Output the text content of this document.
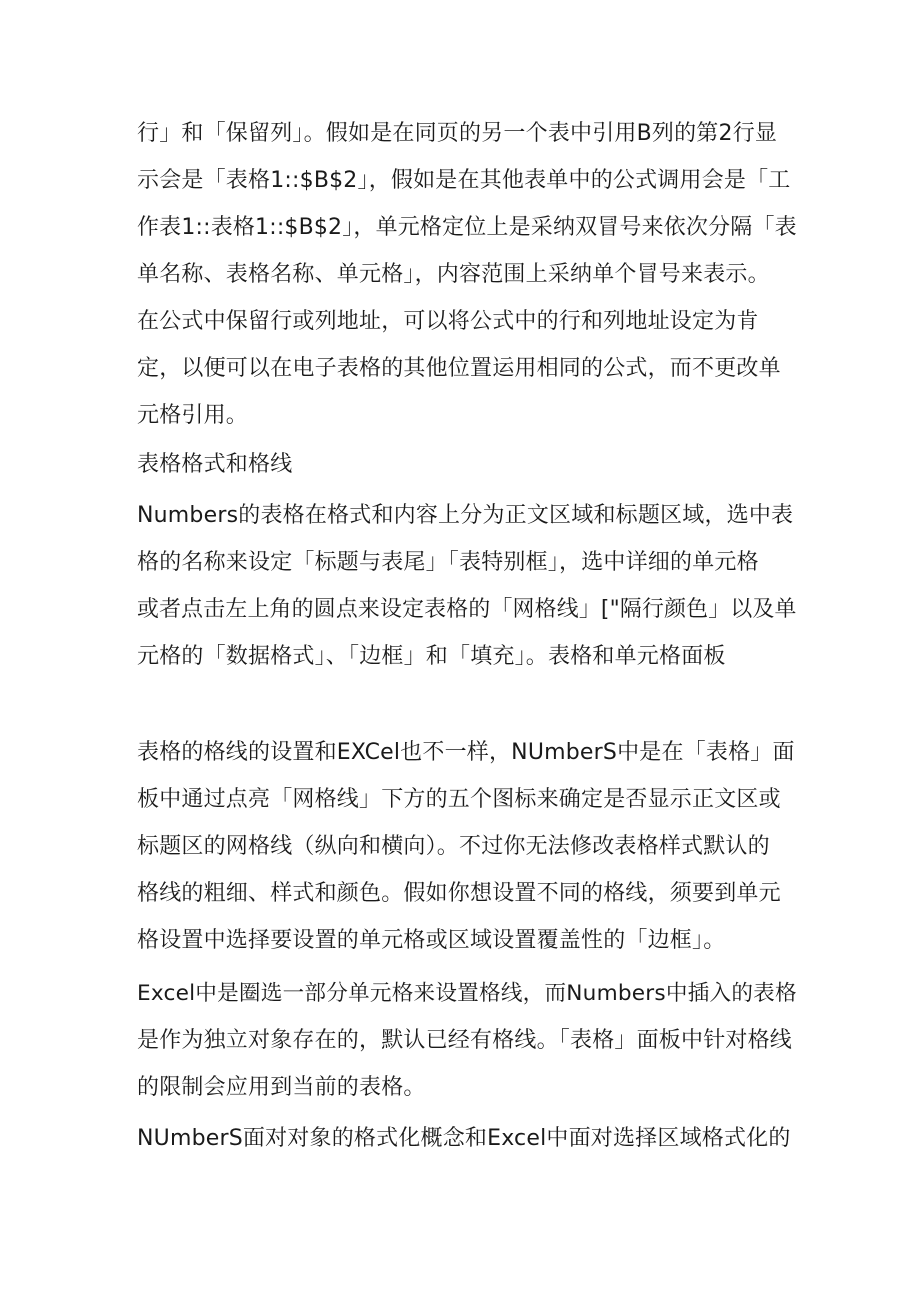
行」和「保留列」。假如是在同页的另一个表中引用B列的第2行显
示会是「表格1::$B$2」，假如是在其他表单中的公式调用会是「工
作表1::表格1::$B$2」，单元格定位上是采纳双冒号来依次分隔「表
单名称、表格名称、单元格」，内容范围上采纳单个冒号来表示。
在公式中保留行或列地址，可以将公式中的行和列地址设定为肯
定，以便可以在电子表格的其他位置运用相同的公式，而不更改单
元格引用。
表格格式和格线
Numbers的表格在格式和内容上分为正文区域和标题区域，选中表
格的名称来设定「标题与表尾」「表特别框」，选中详细的单元格
或者点击左上角的圆点来设定表格的「网格线」["隔行颜色」以及单
元格的「数据格式」、「边框」和「填充」。表格和单元格面板
表格的格线的设置和EXCel也不一样，NUmberS中是在「表格」面
板中通过点亮「网格线」下方的五个图标来确定是否显示正文区或
标题区的网格线（纵向和横向）。不过你无法修改表格样式默认的
格线的粗细、样式和颜色。假如你想设置不同的格线，须要到单元
格设置中选择要设置的单元格或区域设置覆盖性的「边框」。
Excel中是圈选一部分单元格来设置格线，而Numbers中插入的表格
是作为独立对象存在的，默认已经有格线。「表格」面板中针对格线
的限制会应用到当前的表格。
NUmberS面对对象的格式化概念和Excel中面对选择区域格式化的
